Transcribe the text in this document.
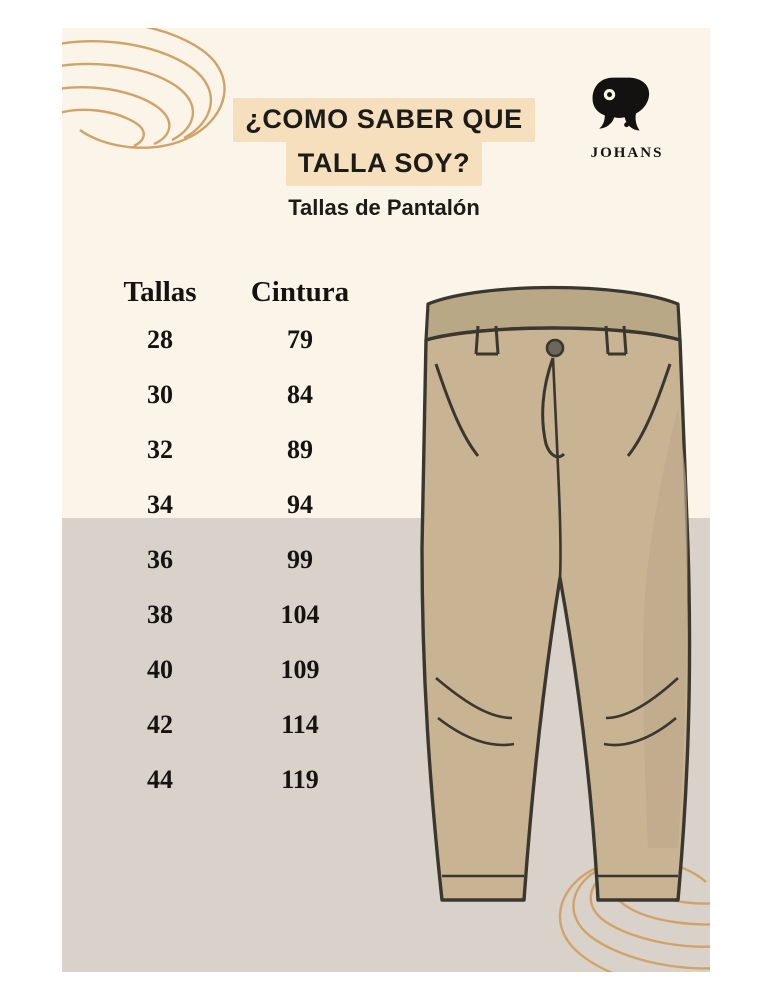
¿COMO SABER QUE
TALLA SOY?
Tallas de Pantalón
JOHANS
Tallas	Cintura
28	79
30	84
32	89
34	94
36	99
38	104
40	109
42	114
44	119
